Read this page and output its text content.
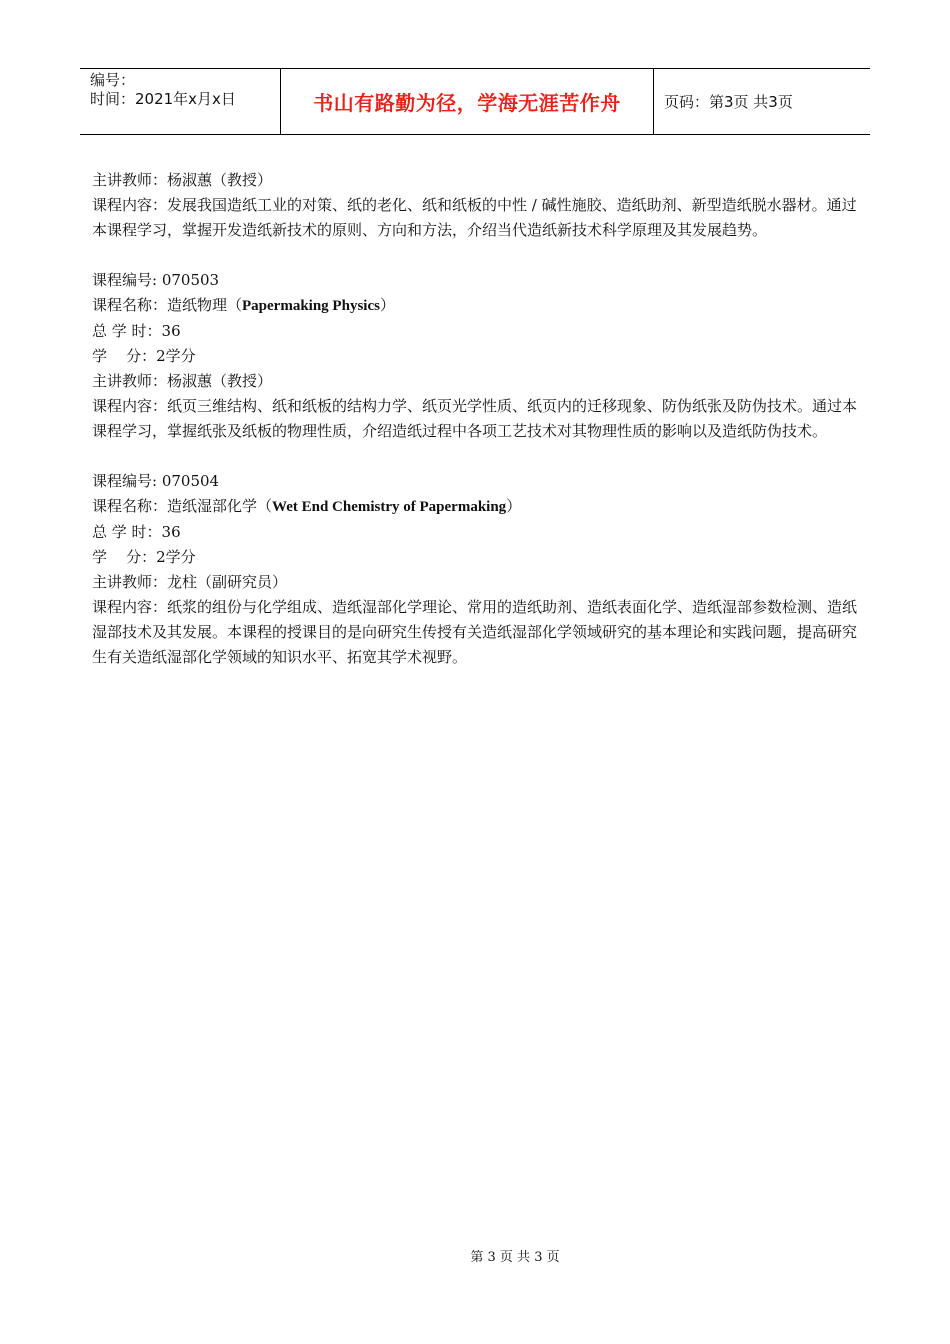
编号：
时间：2021年x月x日	书山有路勤为径，学海无涯苦作舟	页码：第3页 共3页
主讲教师：杨淑蕙（教授）
课程内容：发展我国造纸工业的对策、纸的老化、纸和纸板的中性 / 碱性施胶、造纸助剂、新型造纸脱水器材。通过本课程学习，掌握开发造纸新技术的原则、方向和方法，介绍当代造纸新技术科学原理及其发展趋势。
课程编号: 070503
课程名称：造纸物理（Papermaking Physics）
总 学 时：36
学    分：2学分
主讲教师：杨淑蕙（教授）
课程内容：纸页三维结构、纸和纸板的结构力学、纸页光学性质、纸页内的迁移现象、防伪纸张及防伪技术。通过本课程学习，掌握纸张及纸板的物理性质，介绍造纸过程中各项工艺技术对其物理性质的影响以及造纸防伪技术。
课程编号: 070504
课程名称：造纸湿部化学（Wet End Chemistry of Papermaking）
总 学 时：36
学    分：2学分
主讲教师：龙柱（副研究员）
课程内容：纸浆的组份与化学组成、造纸湿部化学理论、常用的造纸助剂、造纸表面化学、造纸湿部参数检测、造纸湿部技术及其发展。本课程的授课目的是向研究生传授有关造纸湿部化学领域研究的基本理论和实践问题，提高研究生有关造纸湿部化学领域的知识水平、拓宽其学术视野。
第 3 页 共 3 页
